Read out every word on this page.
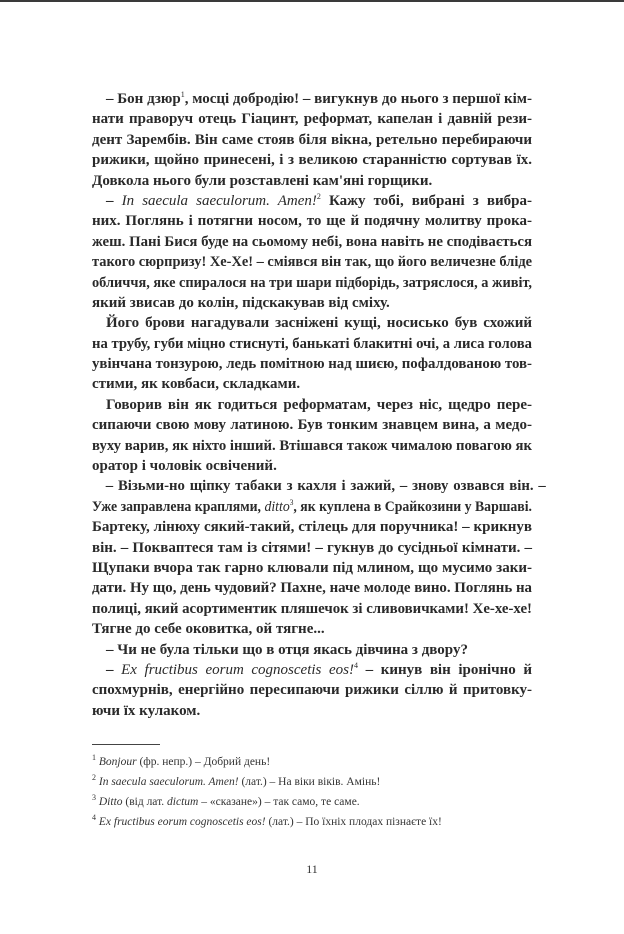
– Бон дзюр$^1$, мосці добродію! – вигукнув до нього з першої кім-
нати праворуч отець Гіацинт, реформат, капелан і давній рези-
дент Зарембів. Він саме стояв біля вікна, ретельно перебираючи
рижики, щойно принесені, і з великою старанністю сортував їх.
Довкола нього були розставлені кам'яні горщики.
– In saecula saeculorum. Amen!$^2$ Кажу тобі, вибрані з вибра-
них. Поглянь і потягни носом, то ще й подячну молитву прока-
жеш. Пані Бися буде на сьомому небі, вона навіть не сподівається
такого сюрпризу! Хе-Хе! – сміявся він так, що його величезне бліде
обличчя, яке спиралося на три шари підборідь, затряслося, а живіт,
який звисав до колін, підскакував від сміху.
Його брови нагадували засніжені кущі, носисько був схожий
на трубу, губи міцно стиснуті, банькаті блакитні очі, а лиса голова
увінчана тонзурою, ледь помітною над шиєю, пофалдованою тов-
стими, як ковбаси, складками.
Говорив він як годиться реформатам, через ніс, щедро пере-
сипаючи свою мову латиною. Був тонким знавцем вина, а медо-
вуху варив, як ніхто інший. Втішався також чималою повагою як
оратор і чоловік освічений.
– Візьми-но щіпку табаки з кахля і зажий, – знову озвався він. –
Уже заправлена краплями, ditto$^3$, як куплена в Срайкозини у Варшаві.
Бартеку, лінюху сякий-такий, стілець для поручника! – крикнув
він. – Поквaптеся там із сітями! – гукнув до сусідньої кімнати. –
Щупаки вчора так гарно клювали під млином, що мусимо заки-
дати. Ну що, день чудовий? Пахне, наче молоде вино. Поглянь на
полиці, який асортиментик пляшечок зі сливовичками! Хе-хе-хе!
Тягне до себе оковитка, ой тягне...
– Чи не була тільки що в отця якась дівчина з двору?
– Ex fructibus eorum cognoscetis eos!$^4$ – кинув він іронічно й
спохмурнів, енергійно пересипаючи рижики сіллю й притовку-
ючи їх кулаком.
$^1$ Bonjour (фр. непр.) – Добрий день!
$^2$ In saecula saeculorum. Amen! (лат.) – На віки віків. Амінь!
$^3$ Ditto (від лат. dictum – «сказане») – так само, те саме.
$^4$ Ex fructibus eorum cognoscetis eos! (лат.) – По їхніх плодах пізнаєте їх!
11
